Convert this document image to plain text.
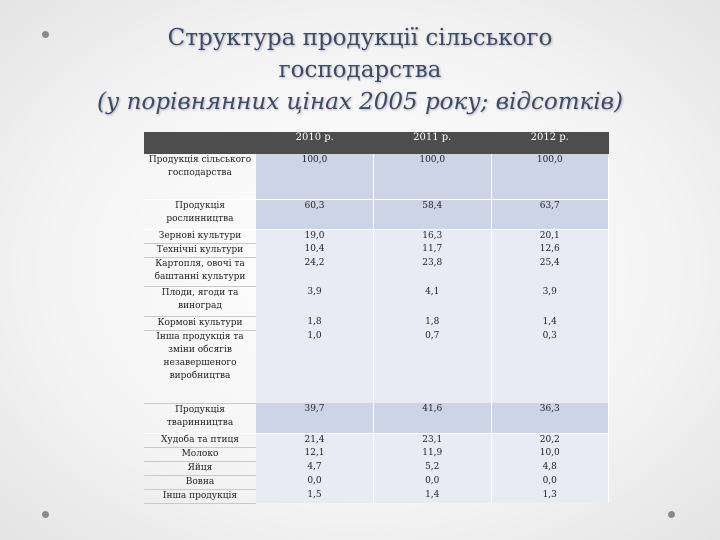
Структура продукції сільського
господарства
(у порівнянних цінах 2005 року; відсотків)
	2010 р.	2011 р.	2012 р.
Продукція сільського господарства	100,0	100,0	100,0
Продукція рослинництва	60,3	58,4	63,7
Зернові культури	19,0	16,3	20,1
Технічні культури	10,4	11,7	12,6
Картопля, овочі та баштанні культури	24,2	23,8	25,4
Плоди, ягоди та виноград	3,9	4,1	3,9
Кормові культури	1,8	1,8	1,4
Інша продукція та зміни обсягів незавершеного виробництва	1,0	0,7	0,3
Продукція тваринництва	39,7	41,6	36,3
Худоба та птиця	21,4	23,1	20,2
Молоко	12,1	11,9	10,0
Яйця	4,7	5,2	4,8
Вовна	0,0	0,0	0,0
Інша продукція	1,5	1,4	1,3
